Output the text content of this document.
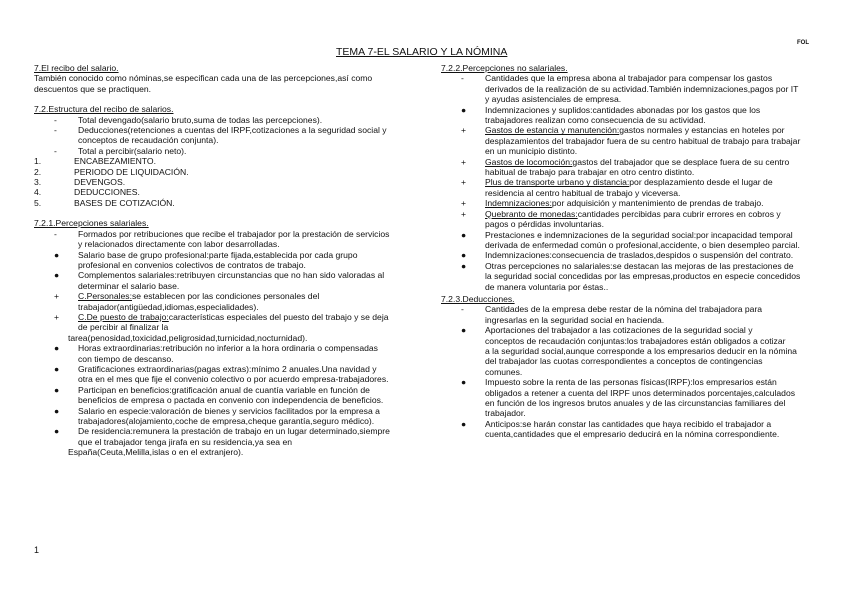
FOL
TEMA 7-EL SALARIO Y LA NÓMINA
7.El recibo del salario.
También conocido como nóminas,se especifican cada una de las percepciones,así como
descuentos que se practiquen.
7.2.Estructura del recibo de salarios.
- Total devengado(salario bruto,suma de todas las percepciones).
- Deducciones(retenciones a cuentas del IRPF,cotizaciones a la seguridad social y
conceptos de recaudación conjunta).
- Total a percibir(salario neto).
1.	ENCABEZAMIENTO.
2.	PERIODO DE LIQUIDACIÓN.
3.	DEVENGOS.
4.	DEDUCCIONES.
5.	BASES DE COTIZACIÓN.
7.2.1.Percepciones salariales.
- Formados por retribuciones que recibe el trabajador por la prestación de servicios
y relacionados directamente con labor desarrolladas.
● Salario base de grupo profesional:parte fijada,establecida por cada grupo
profesional en convenios colectivos de contratos de trabajo.
● Complementos salariales:retribuyen circunstancias que no han sido valoradas al
determinar el salario base.
+ C.Personales:se establecen por las condiciones personales del
trabajador(antigüedad,idiomas,especialidades).
+ C.De puesto de trabajo:características especiales del puesto del trabajo y se deja
de percibir al finalizar la
tarea(penosidad,toxicidad,peligrosidad,turnicidad,nocturnidad).
● Horas extraordinarias:retribución no inferior a la hora ordinaria o compensadas
con tiempo de descanso.
● Gratificaciones extraordinarias(pagas extras):mínimo 2 anuales.Una navidad y
otra en el mes que fije el convenio colectivo o por acuerdo empresa-trabajadores.
● Participan en beneficios:gratificación anual de cuantía variable en función de
beneficios de empresa o pactada en convenio con independencia de beneficios.
● Salario en especie:valoración de bienes y servicios facilitados por la empresa a
trabajadores(alojamiento,coche de empresa,cheque garantía,seguro médico).
● De residencia:remunera la prestación de trabajo en un lugar determinado,siempre
que el trabajador tenga jirafa en su residencia,ya sea en
España(Ceuta,Melilla,islas o en el extranjero).
7.2.2.Percepciones no salariales.
- Cantidades que la empresa abona al trabajador para compensar los gastos
derivados de la realización de su actividad.También indemnizaciones,pagos por IT
y ayudas asistenciales de empresa.
● Indemnizaciones y suplidos:cantidades abonadas por los gastos que los
trabajadores realizan como consecuencia de su actividad.
+ Gastos de estancia y manutención:gastos normales y estancias en hoteles por
desplazamientos del trabajador fuera de su centro habitual de trabajo para trabajar
en un municipio distinto.
+ Gastos de locomoción:gastos del trabajador que se desplace fuera de su centro
habitual de trabajo para trabajar en otro centro distinto.
+ Plus de transporte urbano y distancia:por desplazamiento desde el lugar de
residencia al centro habitual de trabajo y viceversa.
+ Indemnizaciones:por adquisición y mantenimiento de prendas de trabajo.
+ Quebranto de monedas:cantidades percibidas para cubrir errores en cobros y
pagos o pérdidas involuntarias.
● Prestaciones e indemnizaciones de la seguridad social:por incapacidad temporal
derivada de enfermedad común o profesional,accidente, o bien desempleo parcial.
● Indemnizaciones:consecuencia de traslados,despidos o suspensión del contrato.
● Otras percepciones no salariales:se destacan las mejoras de las prestaciones de
la seguridad social concedidas por las empresas,productos en especie concedidos
de manera voluntaria por éstas..
7.2.3.Deducciones.
- Cantidades de la empresa debe restar de la nómina del trabajadora para
ingresarlas en la seguridad social en hacienda.
● Aportaciones del trabajador a las cotizaciones de la seguridad social y
conceptos de recaudación conjuntas:los trabajadores están obligados a cotizar
a la seguridad social,aunque corresponde a los empresarios deducir en la nómina
del trabajador las cuotas correspondientes a conceptos de contingencias
comunes.
● Impuesto sobre la renta de las personas físicas(IRPF):los empresarios están
obligados a retener a cuenta del IRPF unos determinados porcentajes,calculados
en función de los ingresos brutos anuales y de las circunstancias familiares del
trabajador.
● Anticipos:se harán constar las cantidades que haya recibido el trabajador a
cuenta,cantidades que el empresario deducirá en la nómina correspondiente.
1
